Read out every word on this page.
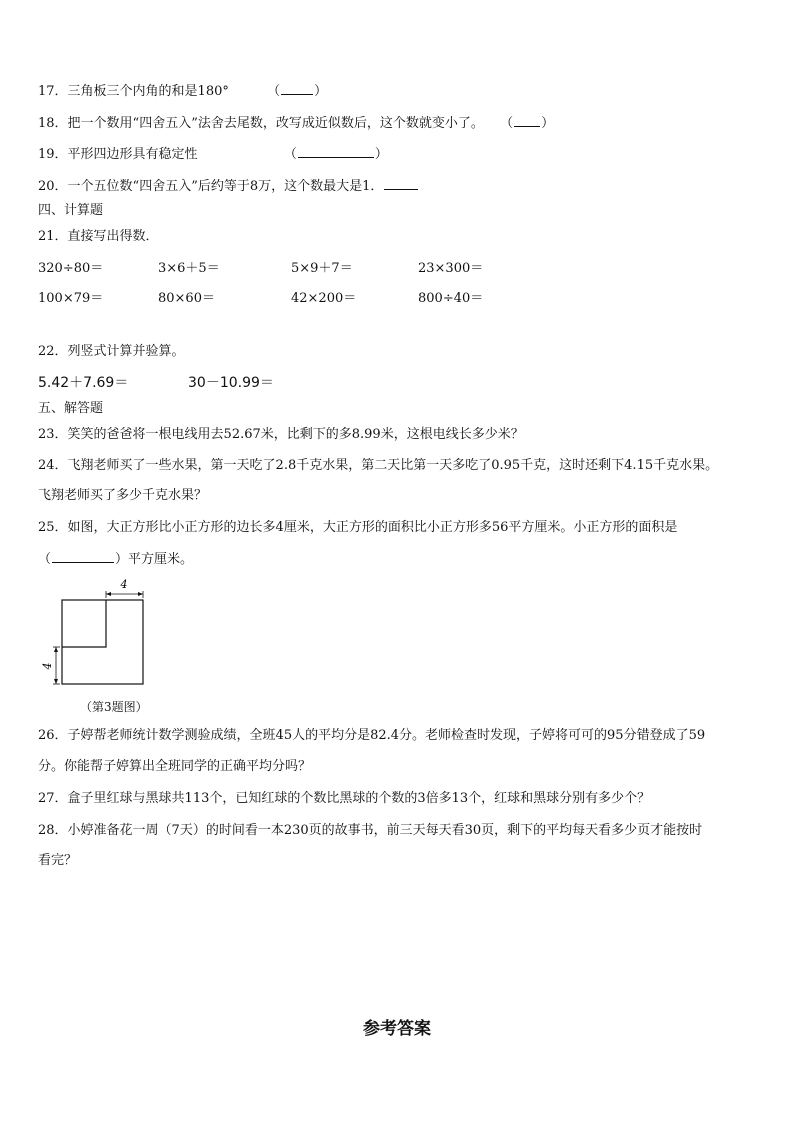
17．三角板三个内角的和是180°	（	）
18．把一个数用“四舍五入”法舍去尾数，改写成近似数后，这个数就变小了。 （ ）
19．平形四边形具有稳定性	（	）
20．一个五位数“四舍五入”后约等于8万，这个数最大是1．
四、计算题
21．直接写出得数．
320÷80＝	3×6＋5＝	5×9＋7＝	23×300＝
100×79＝	80×60＝	42×200＝	800÷40＝
22．列竖式计算并验算。
5.42＋7.69＝	30－10.99＝
五、解答题
23．笑笑的爸爸将一根电线用去52.67米，比剩下的多8.99米，这根电线长多少米？
24．飞翔老师买了一些水果，第一天吃了2.8千克水果，第二天比第一天多吃了0.95千克，这时还剩下4.15千克水果。
飞翔老师买了多少千克水果？
25．如图，大正方形比小正方形的边长多4厘米，大正方形的面积比小正方形多56平方厘米。小正方形的面积是
（	）平方厘米。
4
4
（第3题图）
26．子婷帮老师统计数学测验成绩，全班45人的平均分是82.4分。老师检查时发现，子婷将可可的95分错登成了59
分。你能帮子婷算出全班同学的正确平均分吗？
27．盒子里红球与黑球共113个，已知红球的个数比黑球的个数的3倍多13个，红球和黑球分别有多少个？
28．小婷准备花一周（7天）的时间看一本230页的故事书，前三天每天看30页，剩下的平均每天看多少页才能按时
看完？
参考答案
